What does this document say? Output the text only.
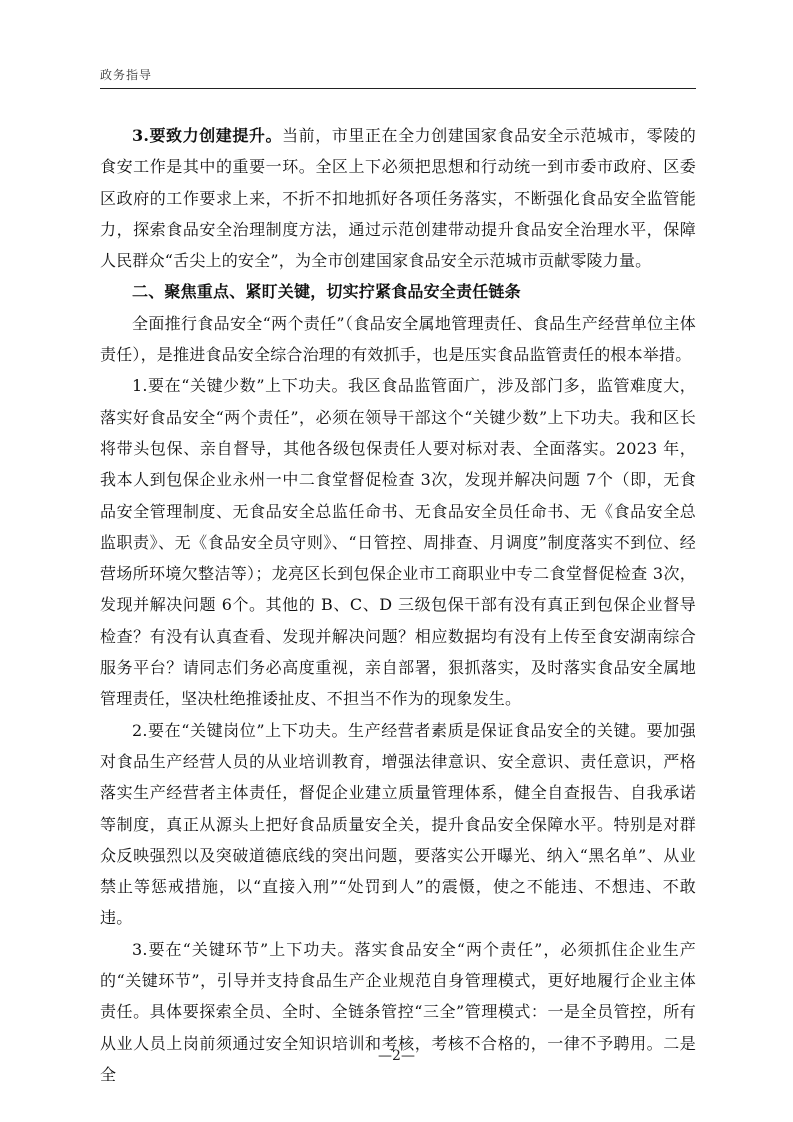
政务指导

3.要致力创建提升。当前，市里正在全力创建国家食品安全示范城市，零陵的食安工作是其中的重要一环。全区上下必须把思想和行动统一到市委市政府、区委区政府的工作要求上来，不折不扣地抓好各项任务落实，不断强化食品安全监管能力，探索食品安全治理制度方法，通过示范创建带动提升食品安全治理水平，保障人民群众“舌尖上的安全”，为全市创建国家食品安全示范城市贡献零陵力量。

二、聚焦重点、紧盯关键，切实拧紧食品安全责任链条

全面推行食品安全“两个责任”（食品安全属地管理责任、食品生产经营单位主体责任），是推进食品安全综合治理的有效抓手，也是压实食品监管责任的根本举措。

1.要在“关键少数”上下功夫。我区食品监管面广，涉及部门多，监管难度大，落实好食品安全“两个责任”，必须在领导干部这个“关键少数”上下功夫。我和区长将带头包保、亲自督导，其他各级包保责任人要对标对表、全面落实。2023 年，我本人到包保企业永州一中二食堂督促检查 3次，发现并解决问题 7个（即，无食品安全管理制度、无食品安全总监任命书、无食品安全员任命书、无《食品安全总监职责》、无《食品安全员守则》、“日管控、周排查、月调度”制度落实不到位、经营场所环境欠整洁等）；龙亮区长到包保企业市工商职业中专二食堂督促检查 3次，发现并解决问题 6个。其他的 B、C、D 三级包保干部有没有真正到包保企业督导检查？有没有认真查看、发现并解决问题？相应数据均有没有上传至食安湖南综合服务平台？请同志们务必高度重视，亲自部署，狠抓落实，及时落实食品安全属地管理责任，坚决杜绝推诿扯皮、不担当不作为的现象发生。

2.要在“关键岗位”上下功夫。生产经营者素质是保证食品安全的关键。要加强对食品生产经营人员的从业培训教育，增强法律意识、安全意识、责任意识，严格落实生产经营者主体责任，督促企业建立质量管理体系，健全自查报告、自我承诺等制度，真正从源头上把好食品质量安全关，提升食品安全保障水平。特别是对群众反映强烈以及突破道德底线的突出问题，要落实公开曝光、纳入“黑名单”、从业禁止等惩戒措施，以“直接入刑”“处罚到人”的震慑，使之不能违、不想违、不敢违。

3.要在“关键环节”上下功夫。落实食品安全“两个责任”，必须抓住企业生产的“关键环节”，引导并支持食品生产企业规范自身管理模式，更好地履行企业主体责任。具体要探索全员、全时、全链条管控“三全”管理模式：一是全员管控，所有从业人员上岗前须通过安全知识培训和考核，考核不合格的，一律不予聘用。二是全

—2—
